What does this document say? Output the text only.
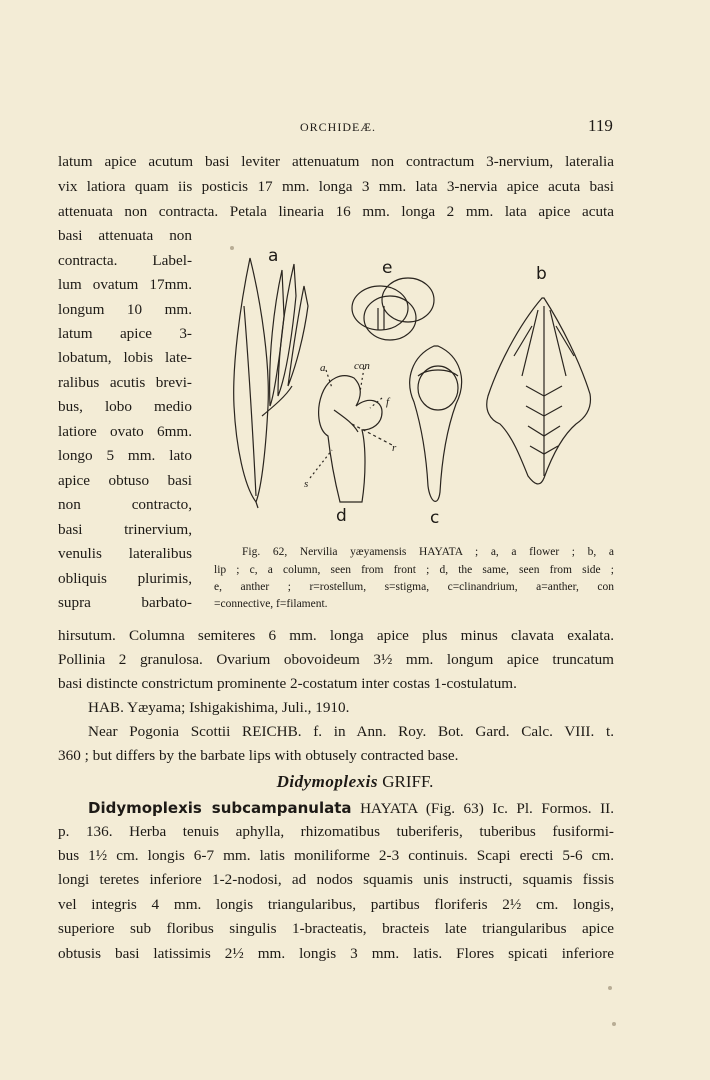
ORCHIDEÆ.	119
latum apice acutum basi leviter attenuatum non contractum 3-nervium, lateralia
vix latiora quam iis posticis 17 mm. longa 3 mm. lata 3-nervia apice acuta basi
attenuata non contracta. Petala linearia 16 mm. longa 2 mm. lata apice acuta
basi attenuata non
contracta. Label-
lum ovatum 17mm.
longum 10 mm.
latum apice 3-
lobatum, lobis late-
ralibus acutis brevi-
bus, lobo medio
latiore ovato 6mm.
longo 5 mm. lato
apice obtuso basi
non contracto,
basi trinervium,
venulis lateralibus
obliquis plurimis,
supra barbato-
a
e	b
a	con
f
r
s
d	c
Fig. 62, Nervilia yæyamensis HAYATA ; a, a flower ; b, a
lip ; c, a column, seen from front ; d, the same, seen from side ;
e, anther ; r=rostellum, s=stigma, c=clinandrium, a=anther, con
=connective, f=filament.
hirsutum. Columna semiteres 6 mm. longa apice plus minus clavata exalata.
Pollinia 2 granulosa. Ovarium obovoideum 3½ mm. longum apice truncatum
basi distincte constrictum prominente 2-costatum inter costas 1-costulatum.
HAB. Yæyama; Ishigakishima, Juli., 1910.
Near Pogonia Scottii REICHB. f. in Ann. Roy. Bot. Gard. Calc. VIII. t.
360 ; but differs by the barbate lips with obtusely contracted base.
Didymoplexis GRIFF.
Didymoplexis subcampanulata HAYATA (Fig. 63) Ic. Pl. Formos. II.
p. 136. Herba tenuis aphylla, rhizomatibus tuberiferis, tuberibus fusiformi-
bus 1½ cm. longis 6-7 mm. latis moniliforme 2-3 continuis. Scapi erecti 5-6 cm.
longi teretes inferiore 1-2-nodosi, ad nodos squamis unis instructi, squamis fissis
vel integris 4 mm. longis triangularibus, partibus floriferis 2½ cm. longis,
superiore sub floribus singulis 1-bracteatis, bracteis late triangularibus apice
obtusis basi latissimis 2½ mm. longis 3 mm. latis. Flores spicati inferiore
